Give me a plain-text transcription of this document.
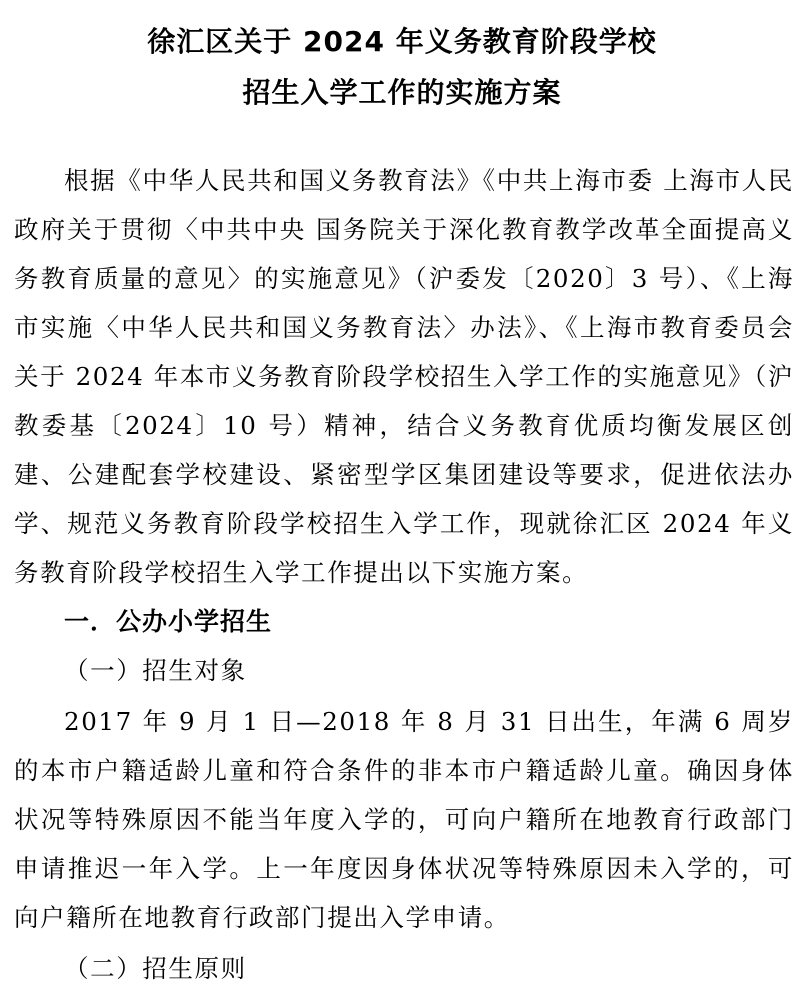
徐汇区关于 2024 年义务教育阶段学校
招生入学工作的实施方案

根据《中华人民共和国义务教育法》《中共上海市委 上海市人民政府关于贯彻〈中共中央 国务院关于深化教育教学改革全面提高义务教育质量的意见〉的实施意见》（沪委发〔2020〕3 号）、《上海市实施〈中华人民共和国义务教育法〉办法》、《上海市教育委员会关于 2024 年本市义务教育阶段学校招生入学工作的实施意见》（沪教委基〔2024〕10 号）精神，结合义务教育优质均衡发展区创建、公建配套学校建设、紧密型学区集团建设等要求，促进依法办学、规范义务教育阶段学校招生入学工作，现就徐汇区 2024 年义务教育阶段学校招生入学工作提出以下实施方案。

一．公办小学招生
（一）招生对象

2017 年 9 月 1 日—2018 年 8 月 31 日出生，年满 6 周岁的本市户籍适龄儿童和符合条件的非本市户籍适龄儿童。确因身体状况等特殊原因不能当年度入学的，可向户籍所在地教育行政部门申请推迟一年入学。上一年度因身体状况等特殊原因未入学的，可向户籍所在地教育行政部门提出入学申请。

（二）招生原则
